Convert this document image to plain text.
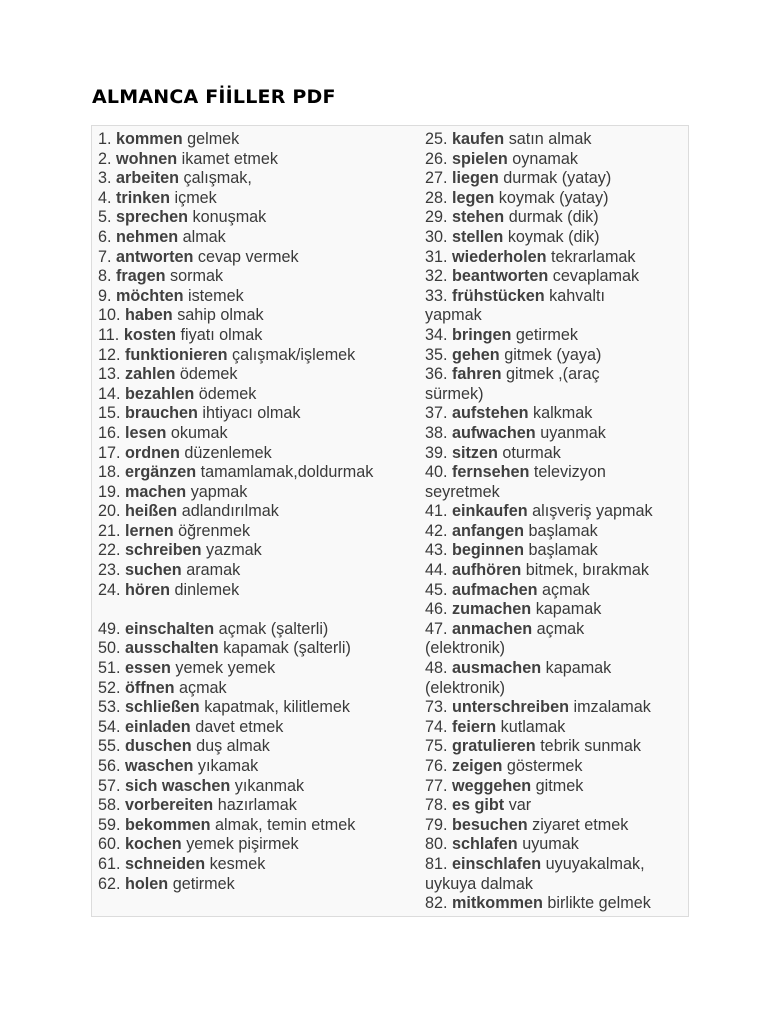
ALMANCA FİİLLER PDF
1. kommen gelmek
2. wohnen ikamet etmek
3. arbeiten çalışmak,
4. trinken içmek
5. sprechen konuşmak
6. nehmen almak
7. antworten cevap vermek
8. fragen sormak
9. möchten istemek
10. haben sahip olmak
11. kosten fiyatı olmak
12. funktionieren çalışmak/işlemek
13. zahlen ödemek
14. bezahlen ödemek
15. brauchen ihtiyacı olmak
16. lesen okumak
17. ordnen düzenlemek
18. ergänzen tamamlamak,doldurmak
19. machen yapmak
20. heißen adlandırılmak
21. lernen öğrenmek
22. schreiben yazmak
23. suchen aramak
24. hören dinlemek
49. einschalten açmak (şalterli)
50. ausschalten kapamak (şalterli)
51. essen yemek yemek
52. öffnen açmak
53. schließen kapatmak, kilitlemek
54. einladen davet etmek
55. duschen duş almak
56. waschen yıkamak
57. sich waschen yıkanmak
58. vorbereiten hazırlamak
59. bekommen almak, temin etmek
60. kochen yemek pişirmek
61. schneiden kesmek
62. holen getirmek
25. kaufen satın almak
26. spielen oynamak
27. liegen durmak (yatay)
28. legen koymak (yatay)
29. stehen durmak (dik)
30. stellen koymak (dik)
31. wiederholen tekrarlamak
32. beantworten cevaplamak
33. frühstücken kahvaltı
yapmak
34. bringen getirmek
35. gehen gitmek (yaya)
36. fahren gitmek ,(araç
sürmek)
37. aufstehen kalkmak
38. aufwachen uyanmak
39. sitzen oturmak
40. fernsehen televizyon
seyretmek
41. einkaufen alışveriş yapmak
42. anfangen başlamak
43. beginnen başlamak
44. aufhören bitmek, bırakmak
45. aufmachen açmak
46. zumachen kapamak
47. anmachen açmak
(elektronik)
48. ausmachen kapamak
(elektronik)
73. unterschreiben imzalamak
74. feiern kutlamak
75. gratulieren tebrik sunmak
76. zeigen göstermek
77. weggehen gitmek
78. es gibt var
79. besuchen ziyaret etmek
80. schlafen uyumak
81. einschlafen uyuyakalmak,
uykuya dalmak
82. mitkommen birlikte gelmek
